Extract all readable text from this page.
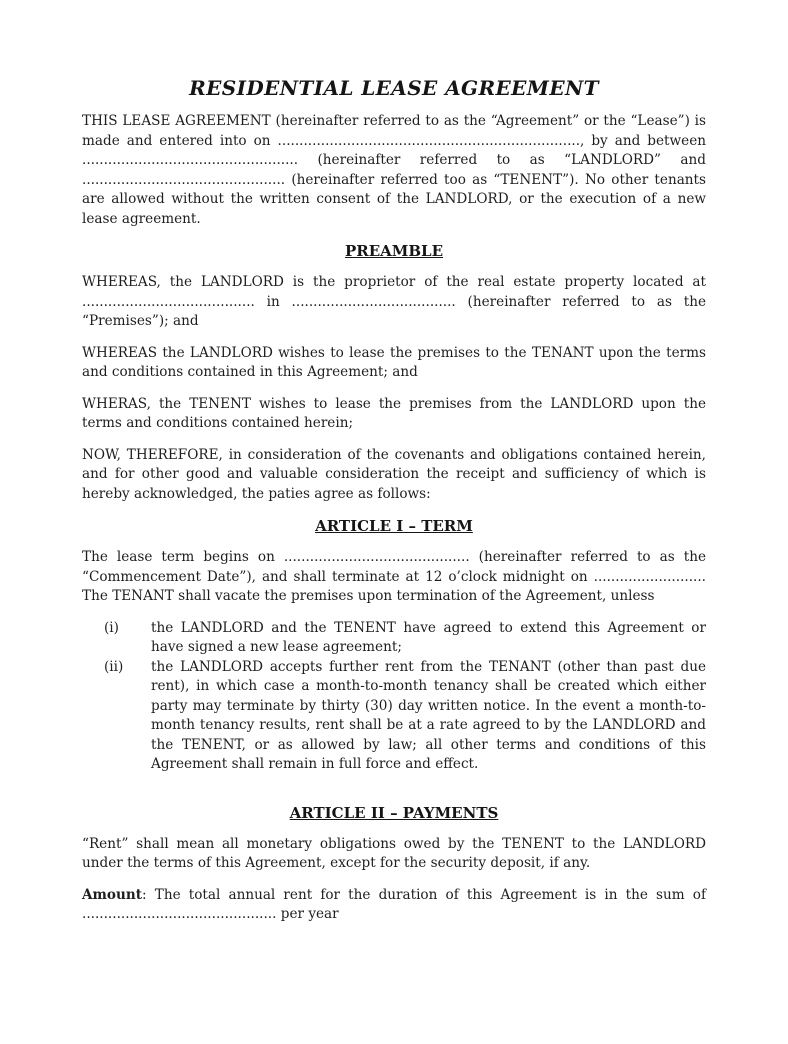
RESIDENTIAL LEASE AGREEMENT

THIS LEASE AGREEMENT (hereinafter referred to as the “Agreement” or the “Lease”) is made and entered into on ......................................................................, by and between .................................................. (hereinafter referred to as “LANDLORD” and ............................................... (hereinafter referred too as “TENENT”). No other tenants are allowed without the written consent of the LANDLORD, or the execution of a new lease agreement.

PREAMBLE

WHEREAS, the LANDLORD is the proprietor of the real estate property located at ........................................ in ...................................... (hereinafter referred to as the “Premises”); and

WHEREAS the LANDLORD wishes to lease the premises to the TENANT upon the terms and conditions contained in this Agreement; and

WHERAS, the TENENT wishes to lease the premises from the LANDLORD upon the terms and conditions contained herein;

NOW, THEREFORE, in consideration of the covenants and obligations contained herein, and for other good and valuable consideration the receipt and sufficiency of which is hereby acknowledged, the paties agree as follows:

ARTICLE I – TERM

The lease term begins on ........................................... (hereinafter referred to as the “Commencement Date”), and shall terminate at 12 o’clock midnight on .......................... The TENANT shall vacate the premises upon termination of the Agreement, unless

(i)	the LANDLORD and the TENENT have agreed to extend this Agreement or have signed a new lease agreement;
(ii)	the LANDLORD accepts further rent from the TENANT (other than past due rent), in which case a month-to-month tenancy shall be created which either party may terminate by thirty (30) day written notice. In the event a month-to-month tenancy results, rent shall be at a rate agreed to by the LANDLORD and the TENENT, or as allowed by law; all other terms and conditions of this Agreement shall remain in full force and effect.
ARTICLE II – PAYMENTS

“Rent” shall mean all monetary obligations owed by the TENENT to the LANDLORD under the terms of this Agreement, except for the security deposit, if any.

Amount: The total annual rent for the duration of this Agreement is in the sum of ............................................. per year
